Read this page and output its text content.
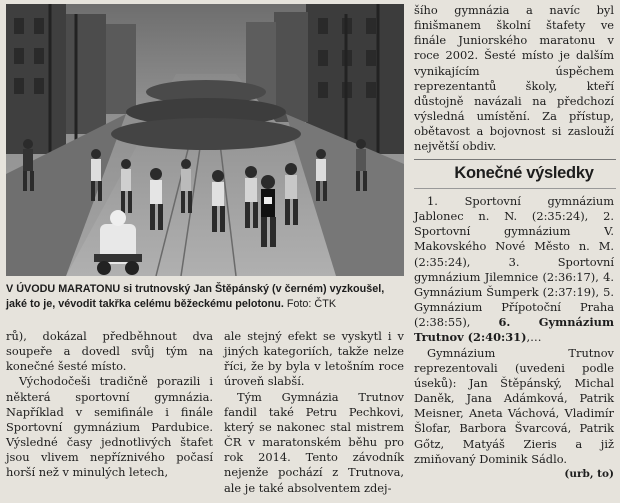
V ÚVODU MARATONU si trutnovský Jan Štěpánský (v černém) vyzkoušel, jaké to je, vévodit takřka celému běžeckému pelotonu. Foto: ČTK

šího gymnázia a navíc byl finišmanem školní štafety ve finále Juniorského maratonu v roce 2002. Šesté místo je dalším vynikajícím úspěchem reprezentantů školy, kteří důstojně navázali na předchozí výsledná umístění. Za přístup, obětavost a bojovnost si zaslouží největší obdiv.

Konečné výsledky

1. Sportovní gymnázium Jablonec n. N. (2:35:24), 2. Sportovní gymnázium V. Makovského Nové Město n. M. (2:35:24), 3. Sportovní gymnázium Jilemnice (2:36:17), 4. Gymnázium Šumperk (2:37:19), 5. Gymnázium Přípotoční Praha (2:38:55), 6. Gymnázium Trutnov (2:40:31),…

Gymnázium Trutnov reprezentovali (uvedeni podle úseků): Jan Štěpánský, Michal Daněk, Jana Adámková, Patrik Meisner, Aneta Váchová, Vladimír Šlofar, Barbora Švarcová, Patrik Gőtz, Matyáš Zieris a již zmiňovaný Dominik Sádlo.
(urb, to)

rů), dokázal předběhnout dva soupeře a dovedl svůj tým na konečné šesté místo.

Východočeši tradičně porazili i některá sportovní gymnázia. Například v semifinále i finále Sportovní gymnázium Pardubice. Výsledné časy jednotlivých štafet jsou vlivem nepříznivého počasí horší než v minulých letech,

ale stejný efekt se vyskytl i v jiných kategoriích, takže nelze říci, že by byla v letošním roce úroveň slabší.

Tým Gymnázia Trutnov fandil také Petru Pechkovi, který se nakonec stal mistrem ČR v maratonském běhu pro rok 2014. Tento závodník nejenže pochází z Trutnova, ale je také absolventem zdej-
